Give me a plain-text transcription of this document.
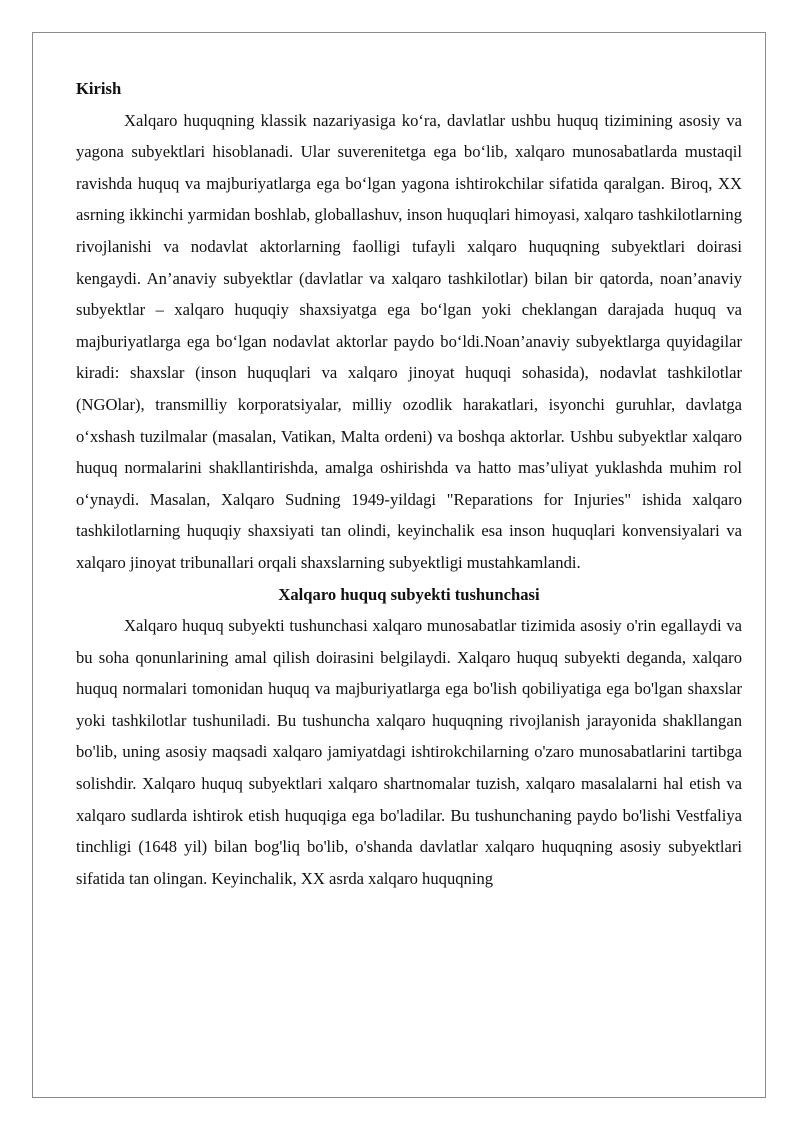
Kirish

Xalqaro huquqning klassik nazariyasiga ko‘ra, davlatlar ushbu huquq tizimining asosiy va yagona subyektlari hisoblanadi. Ular suverenitetga ega bo‘lib, xalqaro munosabatlarda mustaqil ravishda huquq va majburiyatlarga ega bo‘lgan yagona ishtirokchilar sifatida qaralgan. Biroq, XX asrning ikkinchi yarmidan boshlab, globallashuv, inson huquqlari himoyasi, xalqaro tashkilotlarning rivojlanishi va nodavlat aktorlarning faolligi tufayli xalqaro huquqning subyektlari doirasi kengaydi. An’anaviy subyektlar (davlatlar va xalqaro tashkilotlar) bilan bir qatorda, noan’anaviy subyektlar – xalqaro huquqiy shaxsiyatga ega bo‘lgan yoki cheklangan darajada huquq va majburiyatlarga ega bo‘lgan nodavlat aktorlar paydo bo‘ldi.Noan’anaviy subyektlarga quyidagilar kiradi: shaxslar (inson huquqlari va xalqaro jinoyat huquqi sohasida), nodavlat tashkilotlar (NGOlar), transmilliy korporatsiyalar, milliy ozodlik harakatlari, isyonchi guruhlar, davlatga o‘xshash tuzilmalar (masalan, Vatikan, Malta ordeni) va boshqa aktorlar. Ushbu subyektlar xalqaro huquq normalarini shakllantirishda, amalga oshirishda va hatto mas’uliyat yuklashda muhim rol o‘ynaydi. Masalan, Xalqaro Sudning 1949-yildagi "Reparations for Injuries" ishida xalqaro tashkilotlarning huquqiy shaxsiyati tan olindi, keyinchalik esa inson huquqlari konvensiyalari va xalqaro jinoyat tribunallari orqali shaxslarning subyektligi mustahkamlandi.

Xalqaro huquq subyekti tushunchasi

Xalqaro huquq subyekti tushunchasi xalqaro munosabatlar tizimida asosiy o'rin egallaydi va bu soha qonunlarining amal qilish doirasini belgilaydi. Xalqaro huquq subyekti deganda, xalqaro huquq normalari tomonidan huquq va majburiyatlarga ega bo'lish qobiliyatiga ega bo'lgan shaxslar yoki tashkilotlar tushuniladi. Bu tushuncha xalqaro huquqning rivojlanish jarayonida shakllangan bo'lib, uning asosiy maqsadi xalqaro jamiyatdagi ishtirokchilarning o'zaro munosabatlarini tartibga solishdir. Xalqaro huquq subyektlari xalqaro shartnomalar tuzish, xalqaro masalalarni hal etish va xalqaro sudlarda ishtirok etish huquqiga ega bo'ladilar. Bu tushunchaning paydo bo'lishi Vestfaliya tinchligi (1648 yil) bilan bog'liq bo'lib, o'shanda davlatlar xalqaro huquqning asosiy subyektlari sifatida tan olingan. Keyinchalik, XX asrda xalqaro huquqning
